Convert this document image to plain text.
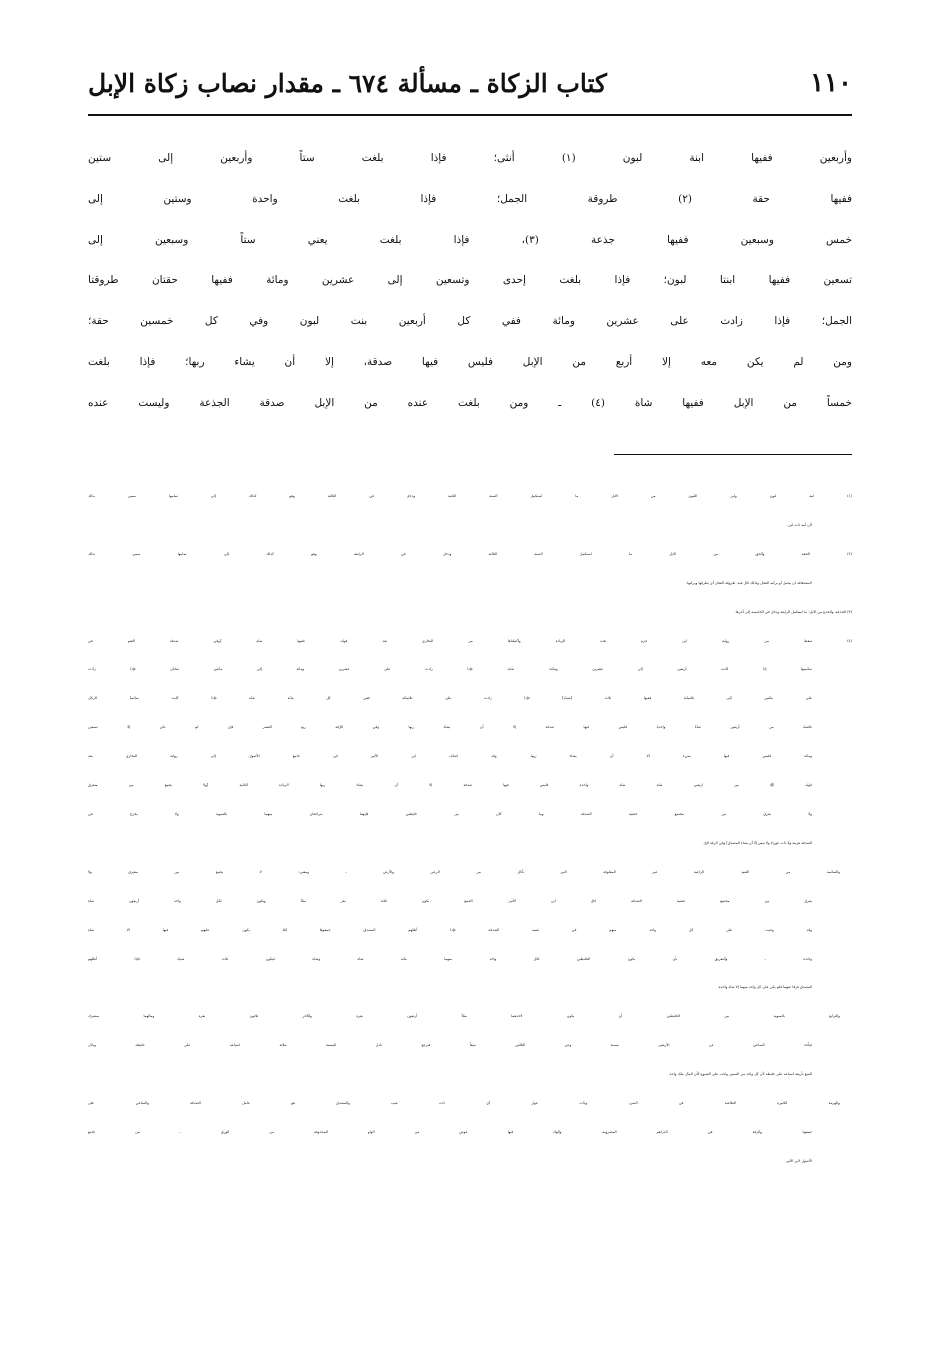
١١٠
كتاب الزكاة ـ مسألة ٦٧٤ ـ مقدار نصاب زكاة الإبل
وأربعين ففيها ابنة لبون (١) أنثى؛ فإذا بلغت ستاً وأربعين إلى ستين
ففيها حقة (٢) طروقة الجمل؛ فإذا بلغت واحدة وستين إلى
خمس وسبعين ففيها جذعة (٣)، فإذا بلغت يعني ستاً وسبعين إلى
تسعين ففيها ابنتا لبون؛ فإذا بلغت إحدى وتسعين إلى عشرين ومائة ففيها حقتان طروقتا
الجمل؛ فإذا زادت على عشرين ومائة ففي كل أربعين بنت لبون وفي كل خمسين حقة؛
ومن لم يكن معه إلا أربع من الإبل فليس فيها صدقة، إلا أن يشاء ربها؛ فإذا بلغت
خمساً من الإبل ففيها شاة (٤) ـ ومن بلغت عنده من الإبل صدقة الجذعة وليست عنده
(١) ابنة لبون وابن اللبون من الابل ما استكمل السنة الثانية ودخل في الثالثة وهو كذلك إلى تمامها سمي بذلك
لأن أمه ذات لبن.
(٢) الحقة والحق من الابل ما استكمل السنة الثالثة ودخل في الرابعة وهو كذلك إلى تمامها سمي بذلك
لاستحقاقه ان يحمل أو يركبه الفحل ولذلك قال فيه: طروقة الفحل أي يطرقها ويركبها.
(٣) الجذعة، والجذع من الابل: ما استكمل الرابعة ودخل في الخامسة إلى آخرها.
(٤) سقط من رواية ابن حزم هذه الزيادة وأكملناها من البخاري بعد قوله: ففيها شاة [وفي صدقة الغنم في
سائمتها إذا كانت أربعين إلى عشرين ومائة؛ شاة، فإذا زادت على عشرين ومائة إلى مائتين شاتان فإذا زادت
على مائتين إلى ثلاثمائة ففيها ثلاث [شياه] فإذا زادت على ثلاثمائة ففي كل مائة شاة فإذا كانت سائمةُ الرجُل
ناقصةً من أربعين شاةً واحدةً فليس فيها صدقة إلا أن يشاء ربها وفي الرِّقة ربع العشر فإن لم تكن إلا تسعين
ومائة فليس فيها شيء إلا أن يشاء ربها. وقد اضاف ابن الأثير في جامع الأصول إلى رواية البخاري بعد
قوله ﷺ من اربعين شاة شاة واحدة فليس فيها صدقة إلا أن يشاء ربها الزيادة التالية [ولا يجمع بين متفرق
ولا يفرق بين مجتمع خشية الصدقة وما كان من خليطين فإنهما يتراجعان بينهما بالسوية ولا يخرج في
الصدقة هرمة ولا ذات عوراء ولا تيس إلا أن يشاء المصدق] وفي الرقة الخ.
والسائمة من الغنم: الراعية غير المعلوفة التي تأكل من الرعي والأرض ـ ومعنى: لا يجمع بين متفرق ولا
يفرق بين مجتمع خشية الصدقة قال ابن الأثير: الجمع يكون ثلاثة نفر مثلاً ويكون لكل واحد أربعون شاة
وقد وجبت على كل واحد منهم في غنمه الصدقة فإذا أظلهم المصدق جمعوها لئلا يكون عليهم فيها الا شاة
واحدة ـ والتفريق بأن يكون الخليطين لكل واحد منهما مائة شاة وشاة فيكون ثلاث شياه فإذا أظلهم
المصدق فرقا عنهما فلم يكن على كل واحد منهما إلا شاة واحدة.
والترابع بالسوية بين الخليطين أن يكون لاحدهما مثلاً أربعون بقرة وللآخر ثلاثون بقرة ومالهما مشترك
فيأخذ الساعي عن الأربعين مسنة وعن الثلاثين تبيعاً فيرجع باذل المسنة بثلاثة اسباعه على خليطه وباذل
التبيع بأربعة اسباعه على خليطه لأن كل واحد من السنين واجب على الشيوع كأن المال ملك واحد.
والهرمة الكبيرة الطاعنة في السن. وذات عوار أي ذات عيب والمصدق هو عامل الصدقة والساعي على
جمعها، والرقة هي الدراهم المضروبة، والهاء فيها عوض من الواو المحذوفة من الورق ـ من جامع
الأصول لابن الأثير.
